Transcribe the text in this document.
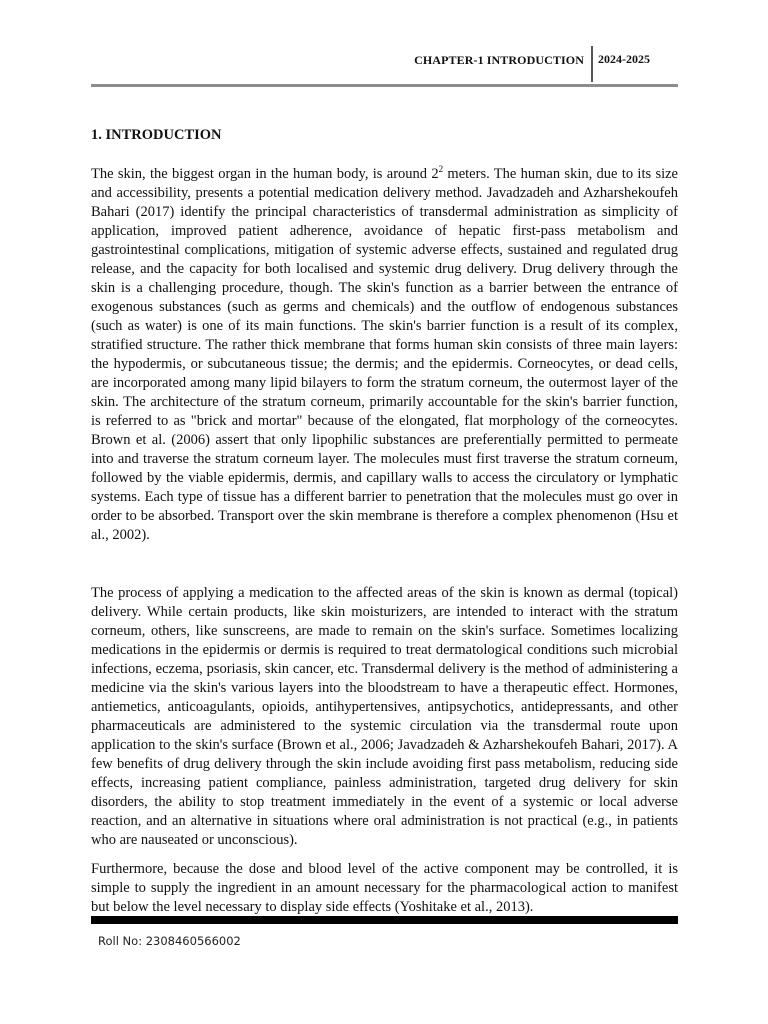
CHAPTER-1 INTRODUCTION 2024-2025
1. INTRODUCTION

The skin, the biggest organ in the human body, is around $2^2$ meters. The human skin, due to its size and accessibility, presents a potential medication delivery method. Javadzadeh and Azharshekoufeh Bahari (2017) identify the principal characteristics of transdermal administration as simplicity of application, improved patient adherence, avoidance of hepatic first-pass metabolism and gastrointestinal complications, mitigation of systemic adverse effects, sustained and regulated drug release, and the capacity for both localised and systemic drug delivery. Drug delivery through the skin is a challenging procedure, though. The skin's function as a barrier between the entrance of exogenous substances (such as germs and chemicals) and the outflow of endogenous substances (such as water) is one of its main functions. The skin's barrier function is a result of its complex, stratified structure. The rather thick membrane that forms human skin consists of three main layers: the hypodermis, or subcutaneous tissue; the dermis; and the epidermis. Corneocytes, or dead cells, are incorporated among many lipid bilayers to form the stratum corneum, the outermost layer of the skin. The architecture of the stratum corneum, primarily accountable for the skin's barrier function, is referred to as "brick and mortar" because of the elongated, flat morphology of the corneocytes. Brown et al. (2006) assert that only lipophilic substances are preferentially permitted to permeate into and traverse the stratum corneum layer. The molecules must first traverse the stratum corneum, followed by the viable epidermis, dermis, and capillary walls to access the circulatory or lymphatic systems. Each type of tissue has a different barrier to penetration that the molecules must go over in order to be absorbed. Transport over the skin membrane is therefore a complex phenomenon (Hsu et al., 2002).

The process of applying a medication to the affected areas of the skin is known as dermal (topical) delivery. While certain products, like skin moisturizers, are intended to interact with the stratum corneum, others, like sunscreens, are made to remain on the skin's surface. Sometimes localizing medications in the epidermis or dermis is required to treat dermatological conditions such microbial infections, eczema, psoriasis, skin cancer, etc. Transdermal delivery is the method of administering a medicine via the skin's various layers into the bloodstream to have a therapeutic effect. Hormones, antiemetics, anticoagulants, opioids, antihypertensives, antipsychotics, antidepressants, and other pharmaceuticals are administered to the systemic circulation via the transdermal route upon application to the skin's surface (Brown et al., 2006; Javadzadeh & Azharshekoufeh Bahari, 2017). A few benefits of drug delivery through the skin include avoiding first pass metabolism, reducing side effects, increasing patient compliance, painless administration, targeted drug delivery for skin disorders, the ability to stop treatment immediately in the event of a systemic or local adverse reaction, and an alternative in situations where oral administration is not practical (e.g., in patients who are nauseated or unconscious).

Furthermore, because the dose and blood level of the active component may be controlled, it is simple to supply the ingredient in an amount necessary for the pharmacological action to manifest but below the level necessary to display side effects (Yoshitake et al., 2013).

Roll No: 2308460566002
